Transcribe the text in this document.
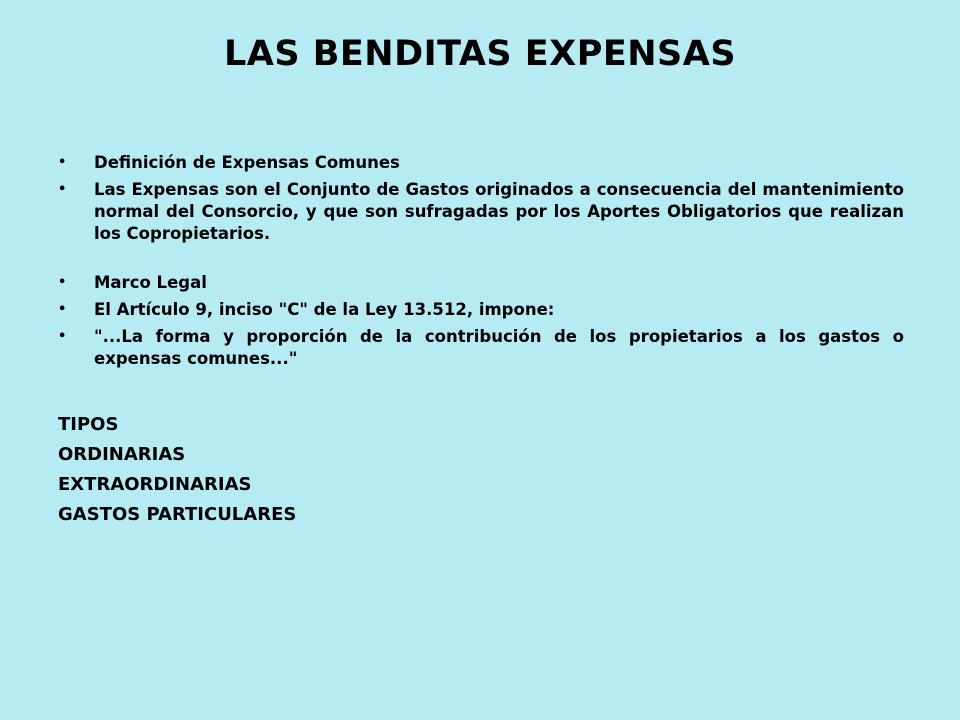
LAS BENDITAS EXPENSAS
• Definición de Expensas Comunes
• Las Expensas son el Conjunto de Gastos originados a consecuencia del mantenimiento normal del Consorcio, y que son sufragadas por los Aportes Obligatorios que realizan los Copropietarios.
• Marco Legal
• El Artículo 9, inciso "C" de la Ley 13.512, impone:
• "...La forma y proporción de la contribución de los propietarios a los gastos o expensas comunes..."
TIPOS
ORDINARIAS
EXTRAORDINARIAS
GASTOS PARTICULARES
